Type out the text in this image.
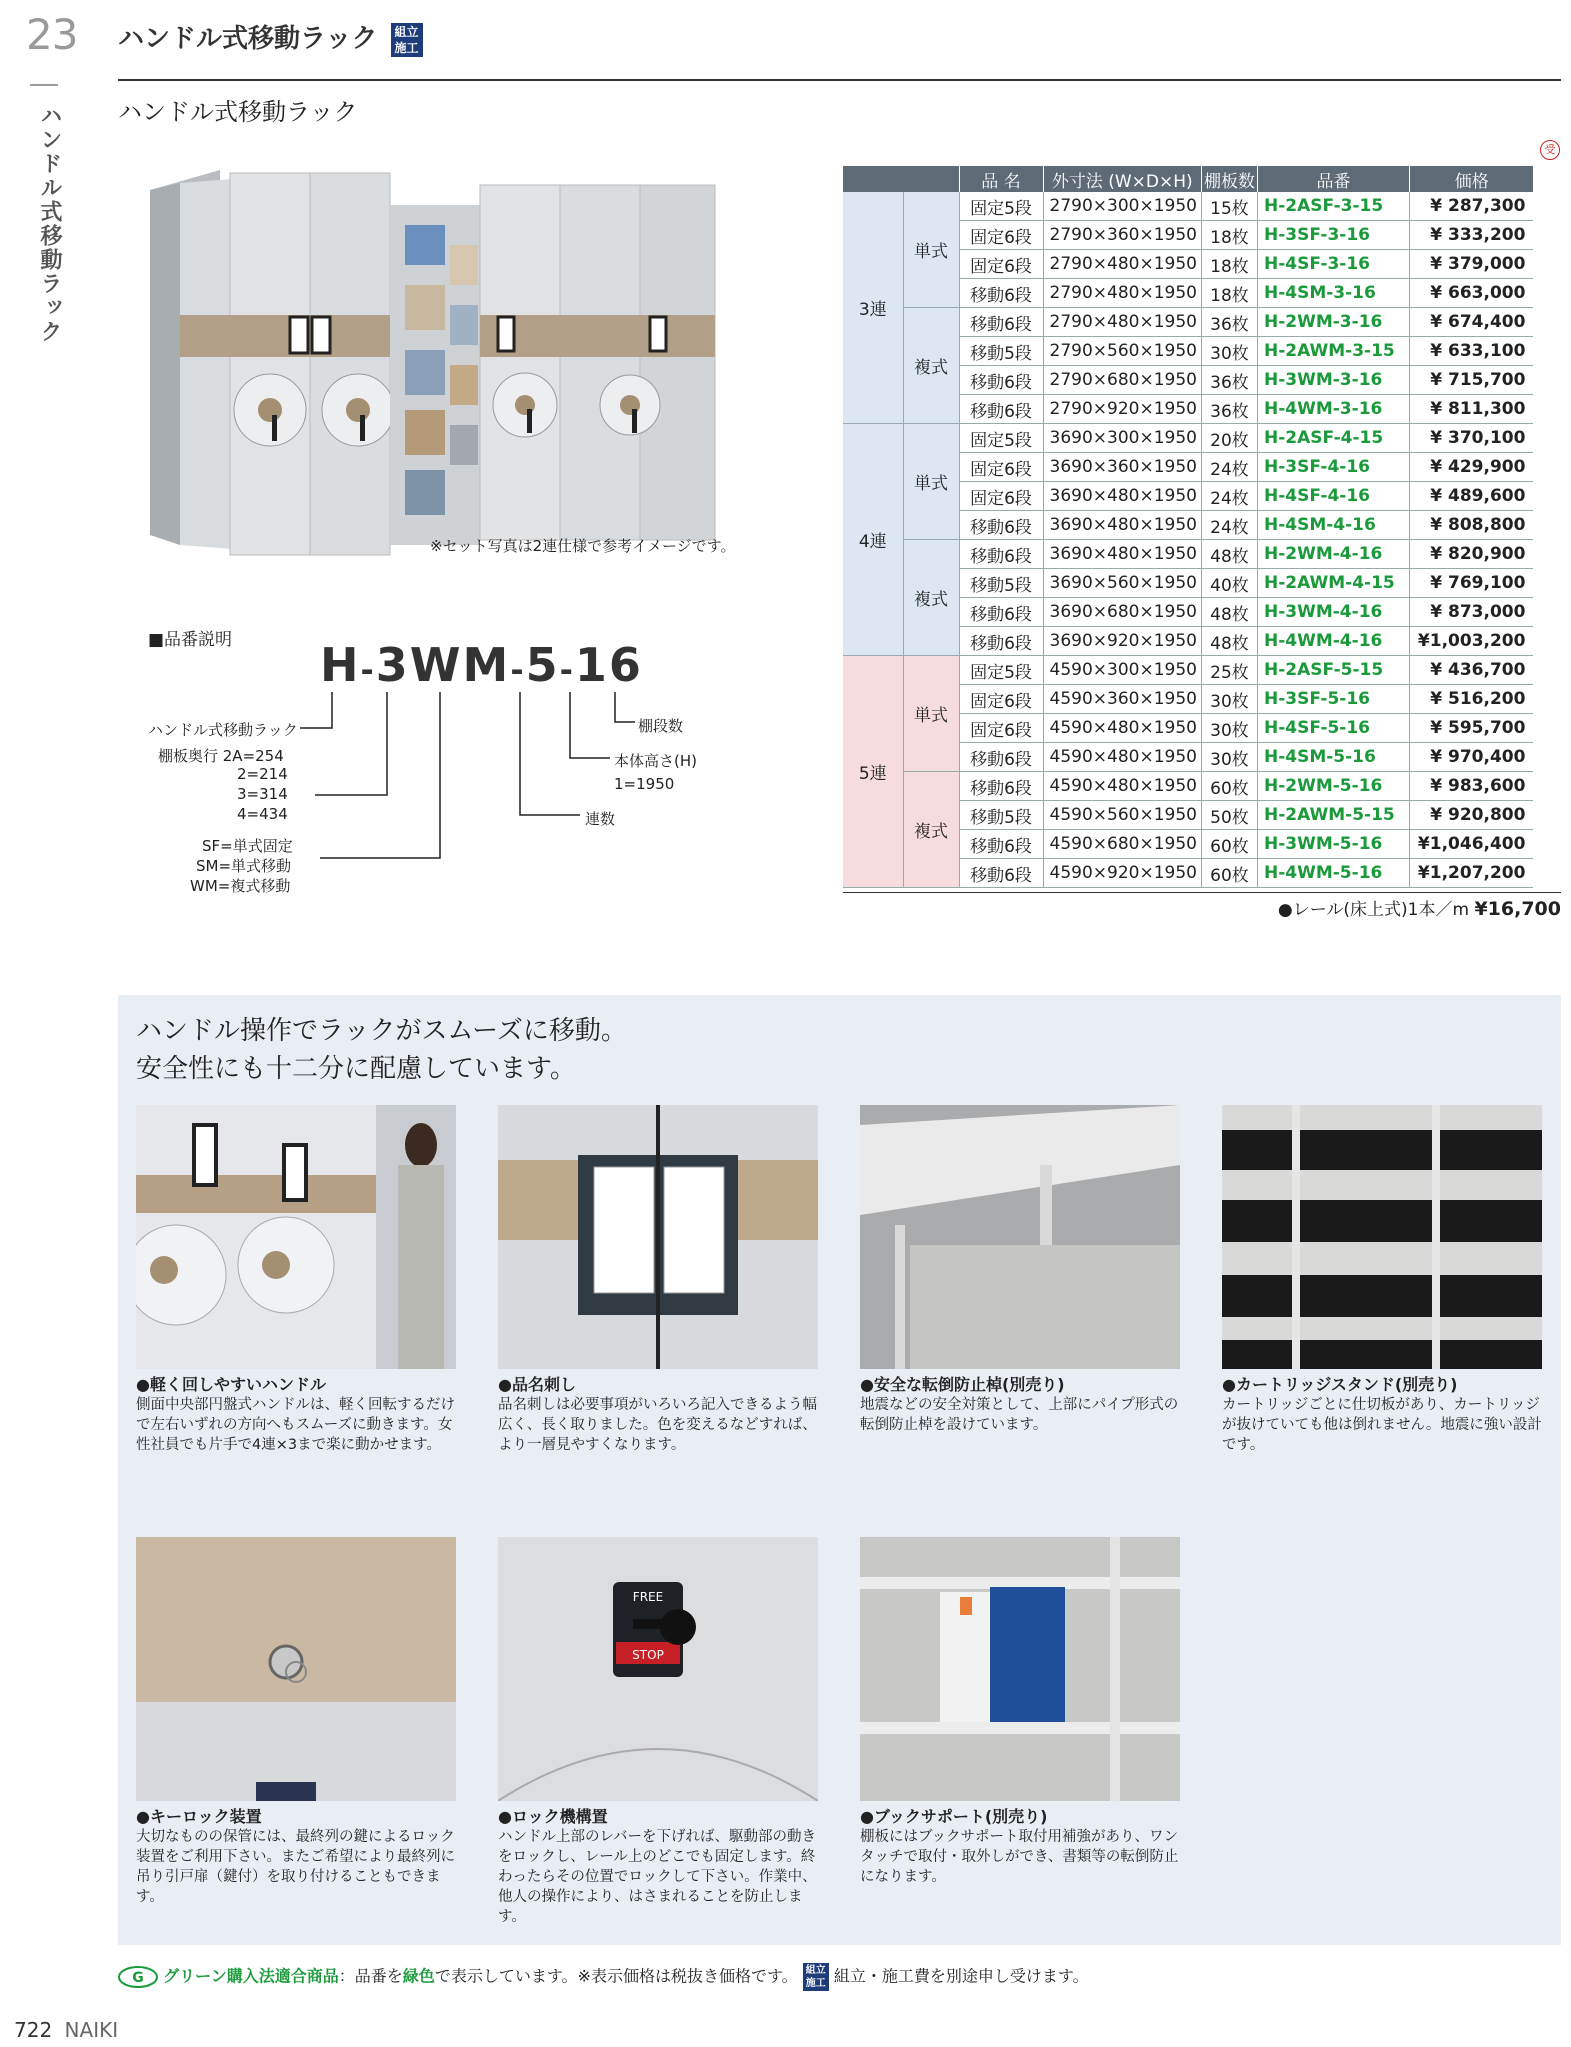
23
ハンドル式移動ラック
ハンドル式移動ラック 組立
施工
ハンドル式移動ラック
※セット写真は2連仕様で参考イメージです。
■品番説明 H-3WM-5-16
ハンドル式移動ラック
棚板奥行 2A=254
2=214
3=314
4=434
SF=単式固定
SM=単式移動
WM=複式移動
棚段数
本体高さ(H)
1=1950
連数
受
		品 名	外寸法 (W×D×H)	棚板数	品番	価格
3連	単式	固定5段	2790×300×1950	15枚	H-2ASF-3-15	¥ 287,300
		固定6段	2790×360×1950	18枚	H-3SF-3-16	¥ 333,200
		固定6段	2790×480×1950	18枚	H-4SF-3-16	¥ 379,000
		移動6段	2790×480×1950	18枚	H-4SM-3-16	¥ 663,000
	複式	移動6段	2790×480×1950	36枚	H-2WM-3-16	¥ 674,400
		移動5段	2790×560×1950	30枚	H-2AWM-3-15	¥ 633,100
		移動6段	2790×680×1950	36枚	H-3WM-3-16	¥ 715,700
		移動6段	2790×920×1950	36枚	H-4WM-3-16	¥ 811,300
4連	単式	固定5段	3690×300×1950	20枚	H-2ASF-4-15	¥ 370,100
		固定6段	3690×360×1950	24枚	H-3SF-4-16	¥ 429,900
		固定6段	3690×480×1950	24枚	H-4SF-4-16	¥ 489,600
		移動6段	3690×480×1950	24枚	H-4SM-4-16	¥ 808,800
	複式	移動6段	3690×480×1950	48枚	H-2WM-4-16	¥ 820,900
		移動5段	3690×560×1950	40枚	H-2AWM-4-15	¥ 769,100
		移動6段	3690×680×1950	48枚	H-3WM-4-16	¥ 873,000
		移動6段	3690×920×1950	48枚	H-4WM-4-16	¥1,003,200
5連	単式	固定5段	4590×300×1950	25枚	H-2ASF-5-15	¥ 436,700
		固定6段	4590×360×1950	30枚	H-3SF-5-16	¥ 516,200
		固定6段	4590×480×1950	30枚	H-4SF-5-16	¥ 595,700
		移動6段	4590×480×1950	30枚	H-4SM-5-16	¥ 970,400
	複式	移動6段	4590×480×1950	60枚	H-2WM-5-16	¥ 983,600
		移動5段	4590×560×1950	50枚	H-2AWM-5-15	¥ 920,800
		移動6段	4590×680×1950	60枚	H-3WM-5-16	¥1,046,400
		移動6段	4590×920×1950	60枚	H-4WM-5-16	¥1,207,200
●レール(床上式)1本／m ¥16,700
ハンドル操作でラックがスムーズに移動。
安全性にも十二分に配慮しています。
FREE
STOP
●軽く回しやすいハンドル
側面中央部円盤式ハンドルは、軽く回転するだけで左右いずれの方向へもスムーズに動きます。女性社員でも片手で4連×3まで楽に動かせます。
●品名刺し
品名刺しは必要事項がいろいろ記入できるよう幅広く、長く取りました。色を変えるなどすれば、より一層見やすくなります。
●安全な転倒防止棹(別売り)
地震などの安全対策として、上部にパイプ形式の転倒防止棹を設けています。
●カートリッジスタンド(別売り)
カートリッジごとに仕切板があり、カートリッジが抜けていても他は倒れません。地震に強い設計です。
●キーロック装置
大切なものの保管には、最終列の鍵によるロック装置をご利用下さい。またご希望により最終列に吊り引戸扉（鍵付）を取り付けることもできます。
●ロック機構置
ハンドル上部のレバーを下げれば、駆動部の動きをロックし、レール上のどこでも固定します。終わったらその位置でロックして下さい。作業中、他人の操作により、はさまれることを防止します。
●ブックサポート(別売り)
棚板にはブックサポート取付用補強があり、ワンタッチで取付・取外しができ、書類等の転倒防止になります。
G グリーン購入法適合商品：品番を緑色で表示しています。※表示価格は税抜き価格です。 組立
施工 組立・施工費を別途申し受けます。
722 NAIKI
